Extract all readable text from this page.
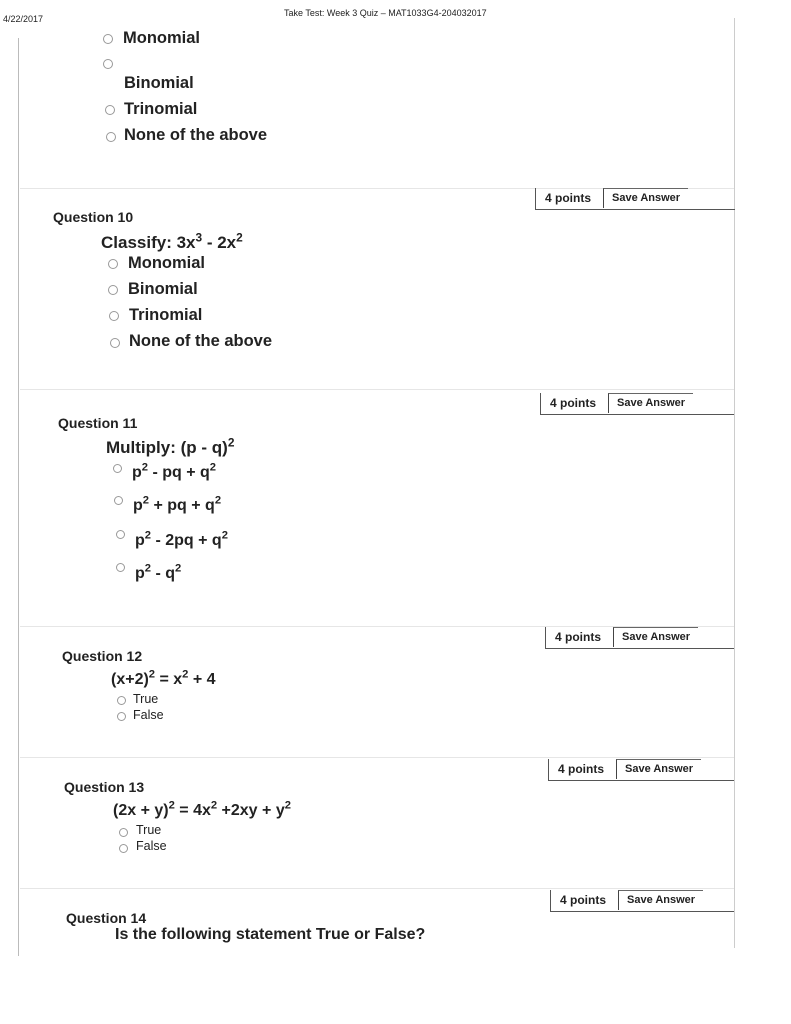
4/22/2017
Take Test: Week 3 Quiz – MAT1033G4-204032017
Monomial
Binomial
Trinomial
None of the above
4 points	Save Answer
Question 10
Classify: $3x^3 - 2x^2$
Monomial
Binomial
Trinomial
None of the above
4 points	Save Answer
Question 11
Multiply: (p - q)$^2$
$p^2$ - pq + $q^2$
$p^2$ + pq + $q^2$
$p^2 - 2pq + q^2$
$p^2 - q^2$
4 points	Save Answer
Question 12
$(x+2)^2 = x^2 + 4$
True
False
4 points	Save Answer
Question 13
$(2x + y)^2 = 4x^2 +2xy + y^2$
True
False
4 points	Save Answer
Question 14
Is the following statement True or False?
